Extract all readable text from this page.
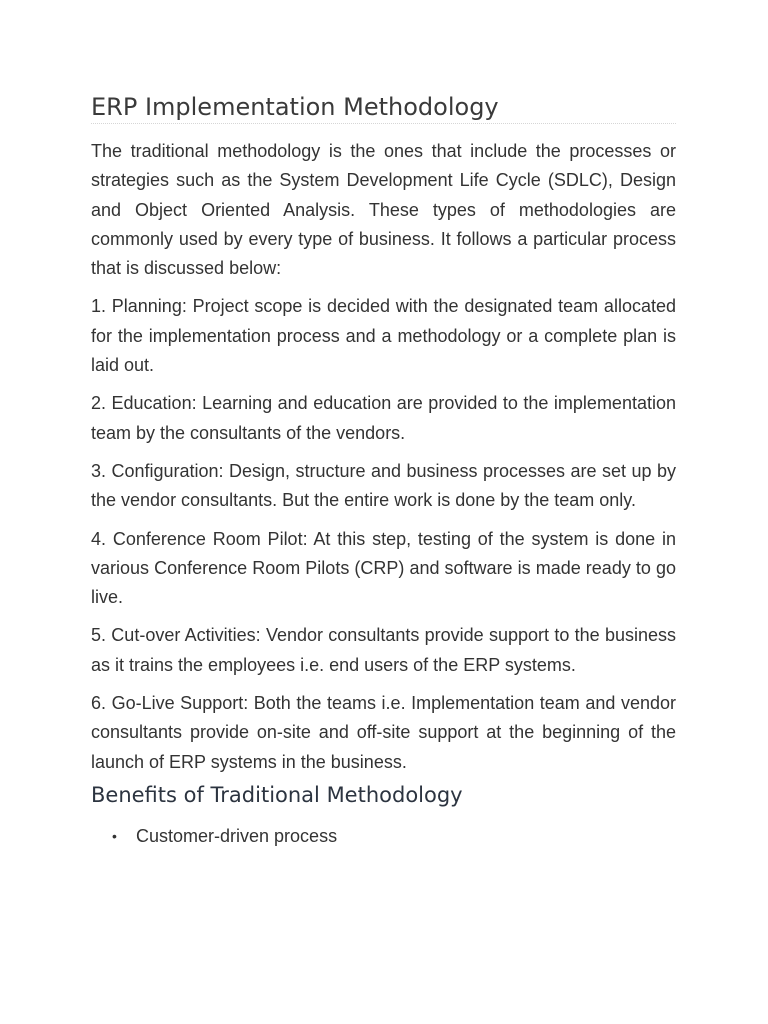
ERP Implementation Methodology

The traditional methodology is the ones that include the processes or strategies such as the System Development Life Cycle (SDLC), Design and Object Oriented Analysis. These types of methodologies are commonly used by every type of business. It follows a particular process that is discussed below:

1. Planning: Project scope is decided with the designated team allocated for the implementation process and a methodology or a complete plan is laid out.

2. Education: Learning and education are provided to the implementation team by the consultants of the vendors.

3. Configuration: Design, structure and business processes are set up by the vendor consultants. But the entire work is done by the team only.

4. Conference Room Pilot: At this step, testing of the system is done in various Conference Room Pilots (CRP) and software is made ready to go live.

5. Cut-over Activities: Vendor consultants provide support to the business as it trains the employees i.e. end users of the ERP systems.

6. Go-Live Support: Both the teams i.e. Implementation team and vendor consultants provide on-site and off-site support at the beginning of the launch of ERP systems in the business.

Benefits of Traditional Methodology
• Customer-driven process
